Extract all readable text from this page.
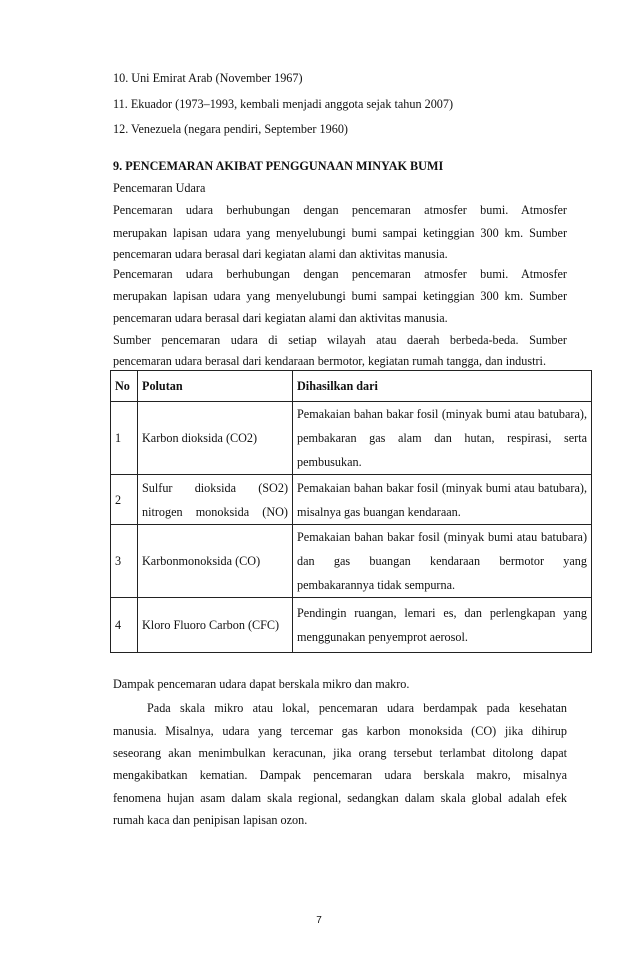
10. Uni Emirat Arab (November 1967)
11. Ekuador (1973–1993, kembali menjadi anggota sejak tahun 2007)
12. Venezuela (negara pendiri, September 1960)
9. PENCEMARAN AKIBAT PENGGUNAAN MINYAK BUMI
Pencemaran Udara
Pencemaran udara berhubungan dengan pencemaran atmosfer bumi. Atmosfer
merupakan lapisan udara yang menyelubungi bumi sampai ketinggian 300 km. Sumber
pencemaran udara berasal dari kegiatan alami dan aktivitas manusia.
Pencemaran udara berhubungan dengan pencemaran atmosfer bumi. Atmosfer
merupakan lapisan udara yang menyelubungi bumi sampai ketinggian 300 km. Sumber
pencemaran udara berasal dari kegiatan alami dan aktivitas manusia.
Sumber pencemaran udara di setiap wilayah atau daerah berbeda-beda. Sumber
pencemaran udara berasal dari kendaraan bermotor, kegiatan rumah tangga, dan industri.
No	Polutan	Dihasilkan dari
1	Karbon dioksida (CO2)	Pemakaian bahan bakar fosil (minyak bumi atau batubara), pembakaran gas alam dan hutan, respirasi, serta
pembusukan.

2	Sulfur dioksida (SO2) nitrogen monoksida (NO)	Pemakaian bahan bakar fosil (minyak bumi atau batubara),
misalnya gas buangan kendaraan.

3	Karbonmonoksida (CO)	Pemakaian bahan bakar fosil (minyak bumi atau batubara) dan gas buangan kendaraan bermotor yang
pembakarannya tidak sempurna.

4	Kloro Fluoro Carbon (CFC)	Pendingin ruangan, lemari es, dan perlengkapan yang
menggunakan penyemprot aerosol.
Dampak pencemaran udara dapat berskala mikro dan makro.
Pada skala mikro atau lokal, pencemaran udara berdampak pada kesehatan
manusia. Misalnya, udara yang tercemar gas karbon monoksida (CO) jika dihirup
seseorang akan menimbulkan keracunan, jika orang tersebut terlambat ditolong dapat
mengakibatkan kematian. Dampak pencemaran udara berskala makro, misalnya
fenomena hujan asam dalam skala regional, sedangkan dalam skala global adalah efek
rumah kaca dan penipisan lapisan ozon.
7
